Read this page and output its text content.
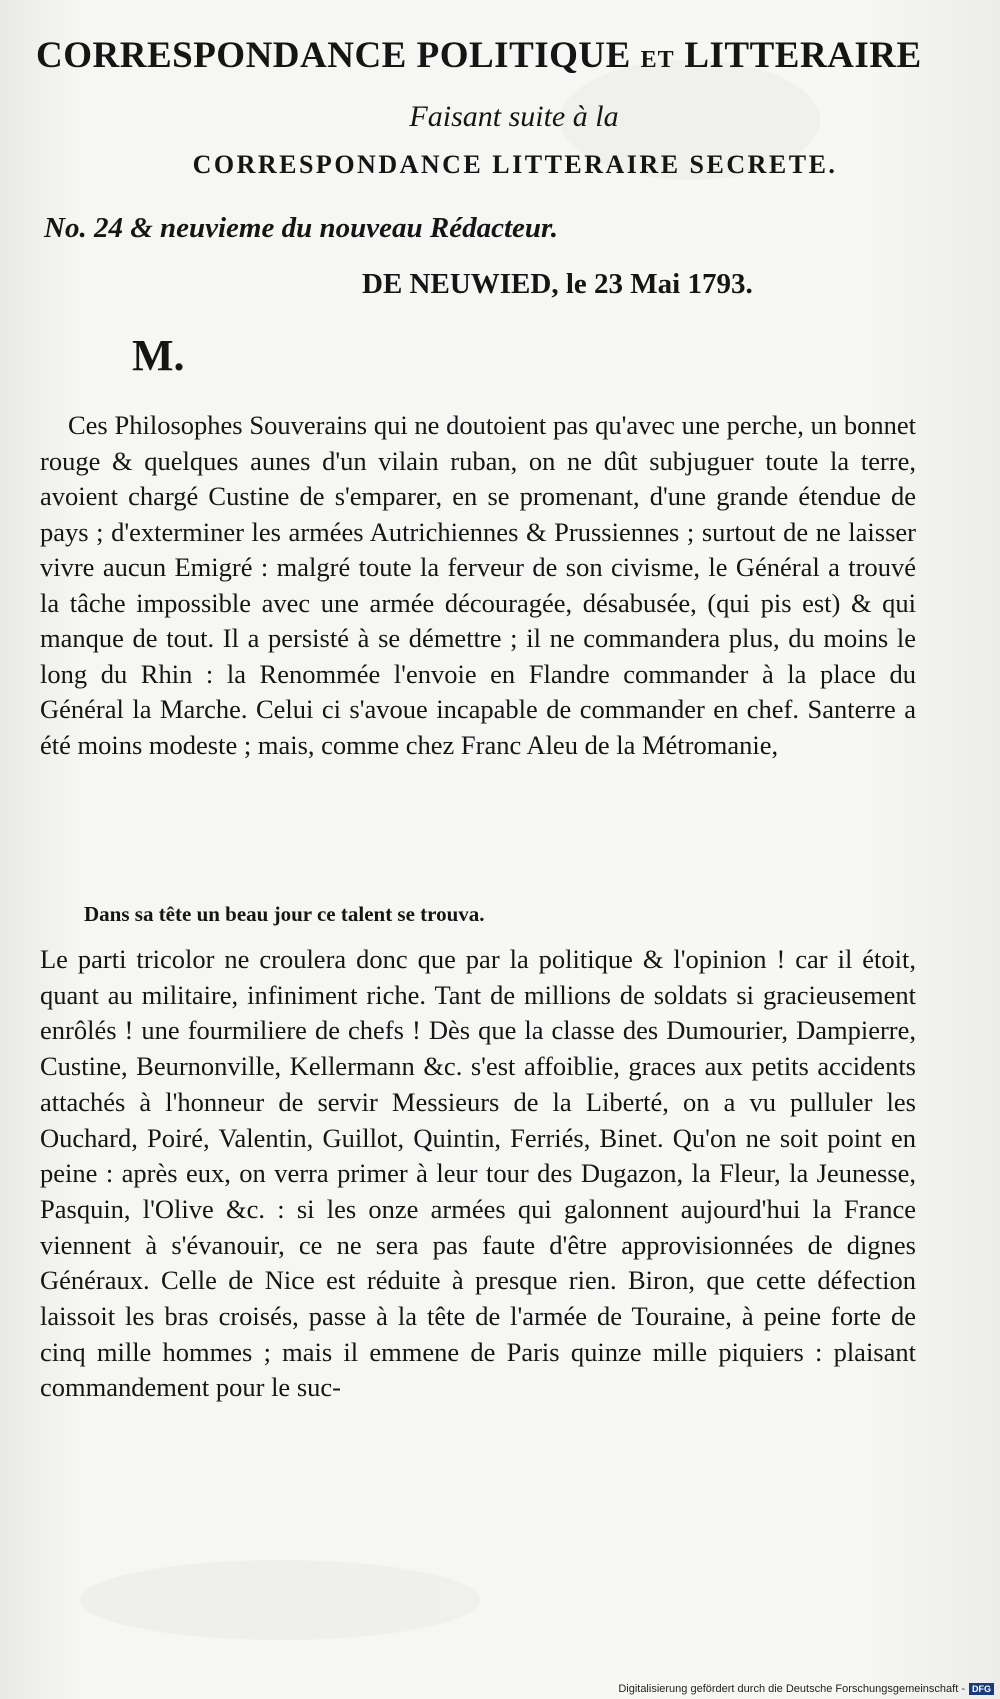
CORRESPONDANCE POLITIQUE ET LITTERAIRE
Faisant suite à la
CORRESPONDANCE LITTERAIRE SECRETE.
No. 24 & neuvieme du nouveau Rédacteur.
DE NEUWIED, le 23 Mai 1793.
M.

Ces Philosophes Souverains qui ne doutoient pas qu'avec une perche, un bonnet rouge & quelques aunes d'un vilain ruban, on ne dût subjuguer toute la terre, avoient chargé Custine de s'emparer, en se promenant, d'une grande étendue de pays ; d'exterminer les armées Autrichiennes & Prussiennes ; surtout de ne laisser vivre aucun Emigré : malgré toute la ferveur de son civisme, le Général a trouvé la tâche impossible avec une armée découragée, désabusée, (qui pis est) & qui manque de tout. Il a persisté à se démettre ; il ne commandera plus, du moins le long du Rhin : la Renommée l'envoie en Flandre commander à la place du Général la Marche. Celui ci s'avoue incapable de commander en chef. Santerre a été moins modeste ; mais, comme chez Franc Aleu de la Métromanie,

Dans sa tête un beau jour ce talent se trouva.

Le parti tricolor ne croulera donc que par la politique & l'opinion ! car il étoit, quant au militaire, infiniment riche. Tant de millions de soldats si gracieusement enrôlés ! une fourmiliere de chefs ! Dès que la classe des Dumourier, Dampierre, Custine, Beurnonville, Kellermann &c. s'est affoiblie, graces aux petits accidents attachés à l'honneur de servir Messieurs de la Liberté, on a vu pulluler les Ouchard, Poiré, Valentin, Guillot, Quintin, Ferriés, Binet. Qu'on ne soit point en peine : après eux, on verra primer à leur tour des Dugazon, la Fleur, la Jeunesse, Pasquin, l'Olive &c. : si les onze armées qui galonnent aujourd'hui la France viennent à s'évanouir, ce ne sera pas faute d'être approvisionnées de dignes Généraux. Celle de Nice est réduite à presque rien. Biron, que cette défection laissoit les bras croisés, passe à la tête de l'armée de Touraine, à peine forte de cinq mille hommes ; mais il emmene de Paris quinze mille piquiers : plaisant commandement pour le suc-

Digitalisierung gefördert durch die Deutsche Forschungsgemeinschaft - DFG
